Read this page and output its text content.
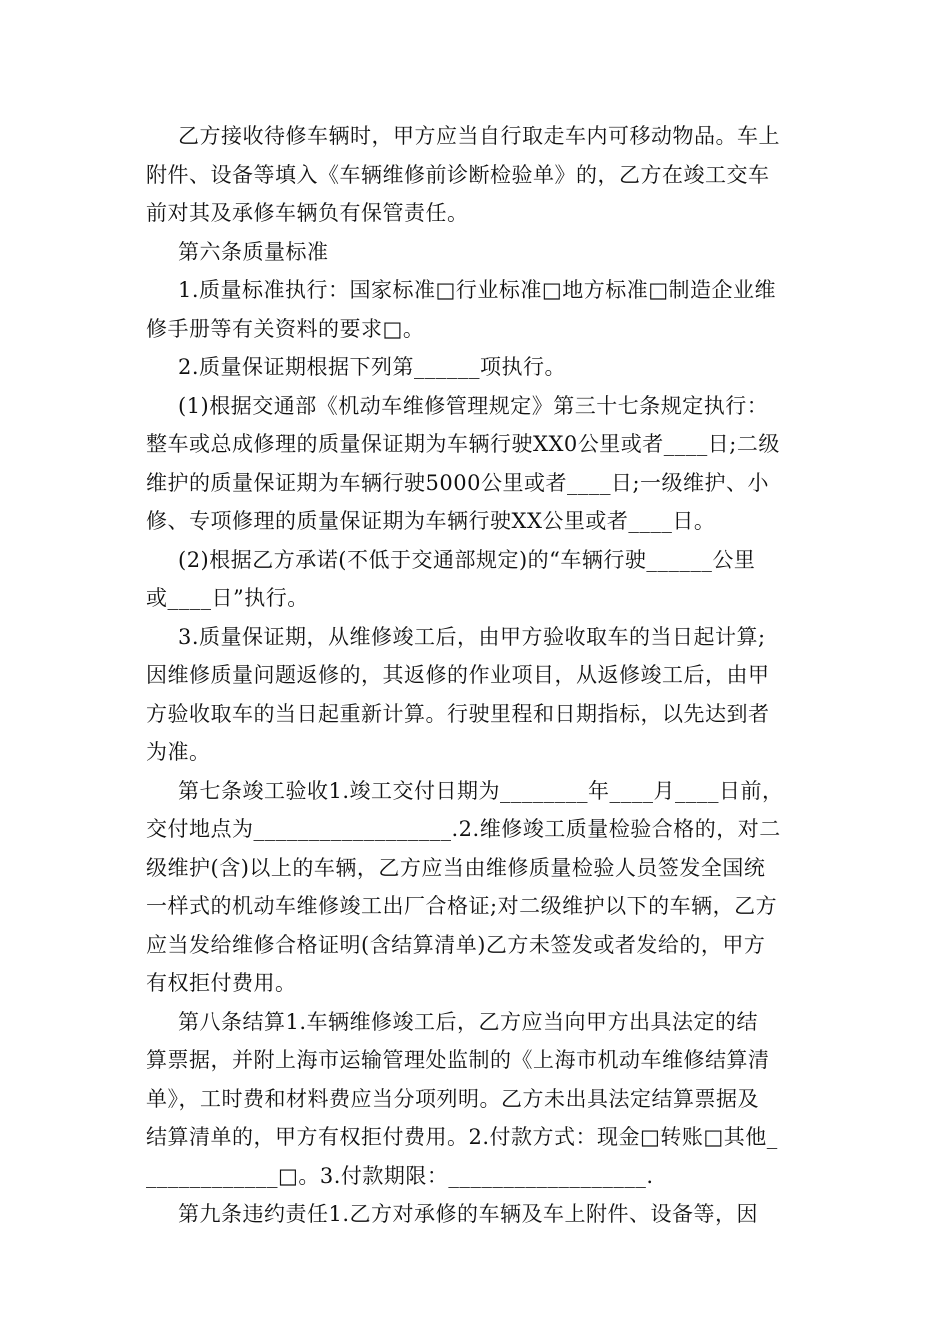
乙方接收待修车辆时，甲方应当自行取走车内可移动物品。车上
附件、设备等填入《车辆维修前诊断检验单》的，乙方在竣工交车
前对其及承修车辆负有保管责任。
第六条质量标准
1.质量标准执行：国家标准□行业标准□地方标准□制造企业维
修手册等有关资料的要求□。
2.质量保证期根据下列第______项执行。
(1)根据交通部《机动车维修管理规定》第三十七条规定执行：
整车或总成修理的质量保证期为车辆行驶XX0公里或者____日;二级
维护的质量保证期为车辆行驶5000公里或者____日;一级维护、小
修、专项修理的质量保证期为车辆行驶XX公里或者____日。
(2)根据乙方承诺(不低于交通部规定)的“车辆行驶______公里
或____日”执行。
3.质量保证期，从维修竣工后，由甲方验收取车的当日起计算;
因维修质量问题返修的，其返修的作业项目，从返修竣工后，由甲
方验收取车的当日起重新计算。行驶里程和日期指标，以先达到者
为准。
第七条竣工验收1.竣工交付日期为________年____月____日前，
交付地点为__________________.2.维修竣工质量检验合格的，对二
级维护(含)以上的车辆，乙方应当由维修质量检验人员签发全国统
一样式的机动车维修竣工出厂合格证;对二级维护以下的车辆，乙方
应当发给维修合格证明(含结算清单)乙方未签发或者发给的，甲方
有权拒付费用。
第八条结算1.车辆维修竣工后，乙方应当向甲方出具法定的结
算票据，并附上海市运输管理处监制的《上海市机动车维修结算清
单》，工时费和材料费应当分项列明。乙方未出具法定结算票据及
结算清单的，甲方有权拒付费用。2.付款方式：现金□转账□其他_
____________□。3.付款期限：__________________.
第九条违约责任1.乙方对承修的车辆及车上附件、设备等，因
